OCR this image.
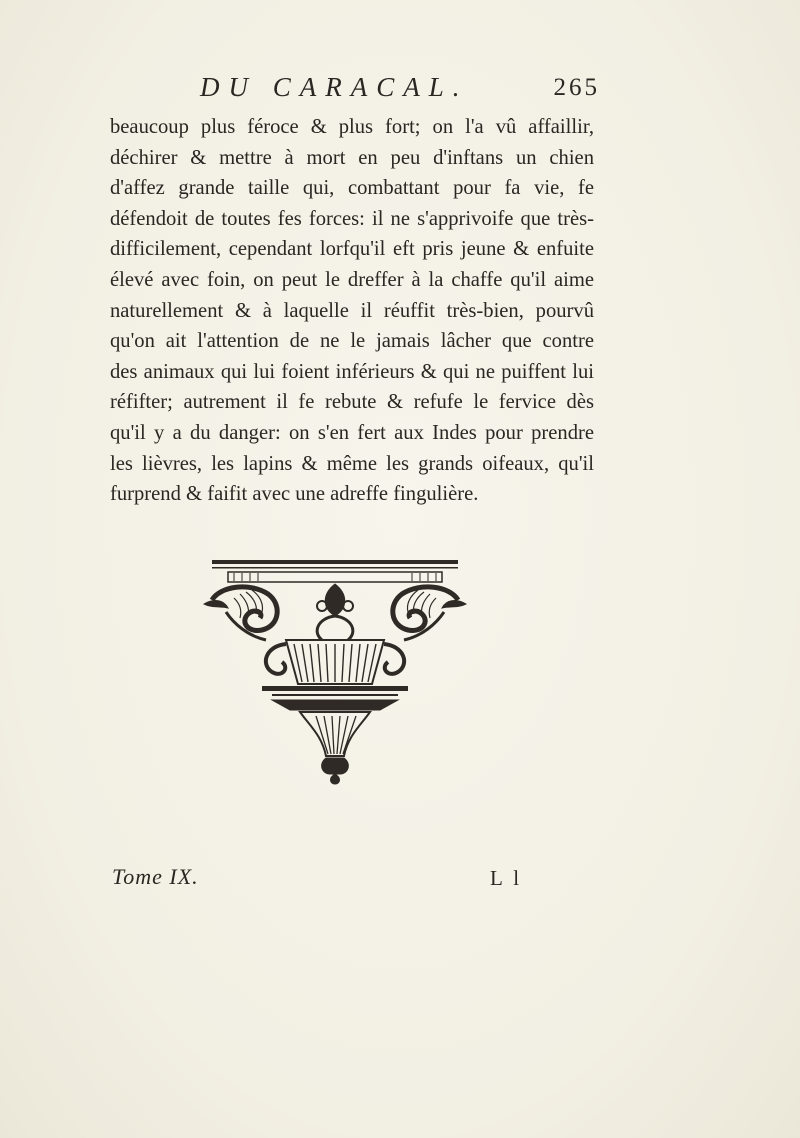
DU CARACAL.	265
beaucoup plus féroce & plus fort; on l'a vû affaillir,
déchirer & mettre à mort en peu d'inftans un chien
d'affez grande taille qui, combattant pour fa vie, fe
défendoit de toutes fes forces: il ne s'apprivoife que très-
difficilement, cependant lorfqu'il eft pris jeune & enfuite
élevé avec foin, on peut le dreffer à la chaffe qu'il aime
naturellement & à laquelle il réuffit très-bien, pourvû
qu'on ait l'attention de ne le jamais lâcher que contre
des animaux qui lui foient inférieurs & qui ne puiffent lui
réfifter; autrement il fe rebute & refufe le fervice dès
qu'il y a du danger: on s'en fert aux Indes pour prendre
les lièvres, les lapins & même les grands oifeaux, qu'il
furprend & faifit avec une adreffe fingulière.
Tome IX.	L l
